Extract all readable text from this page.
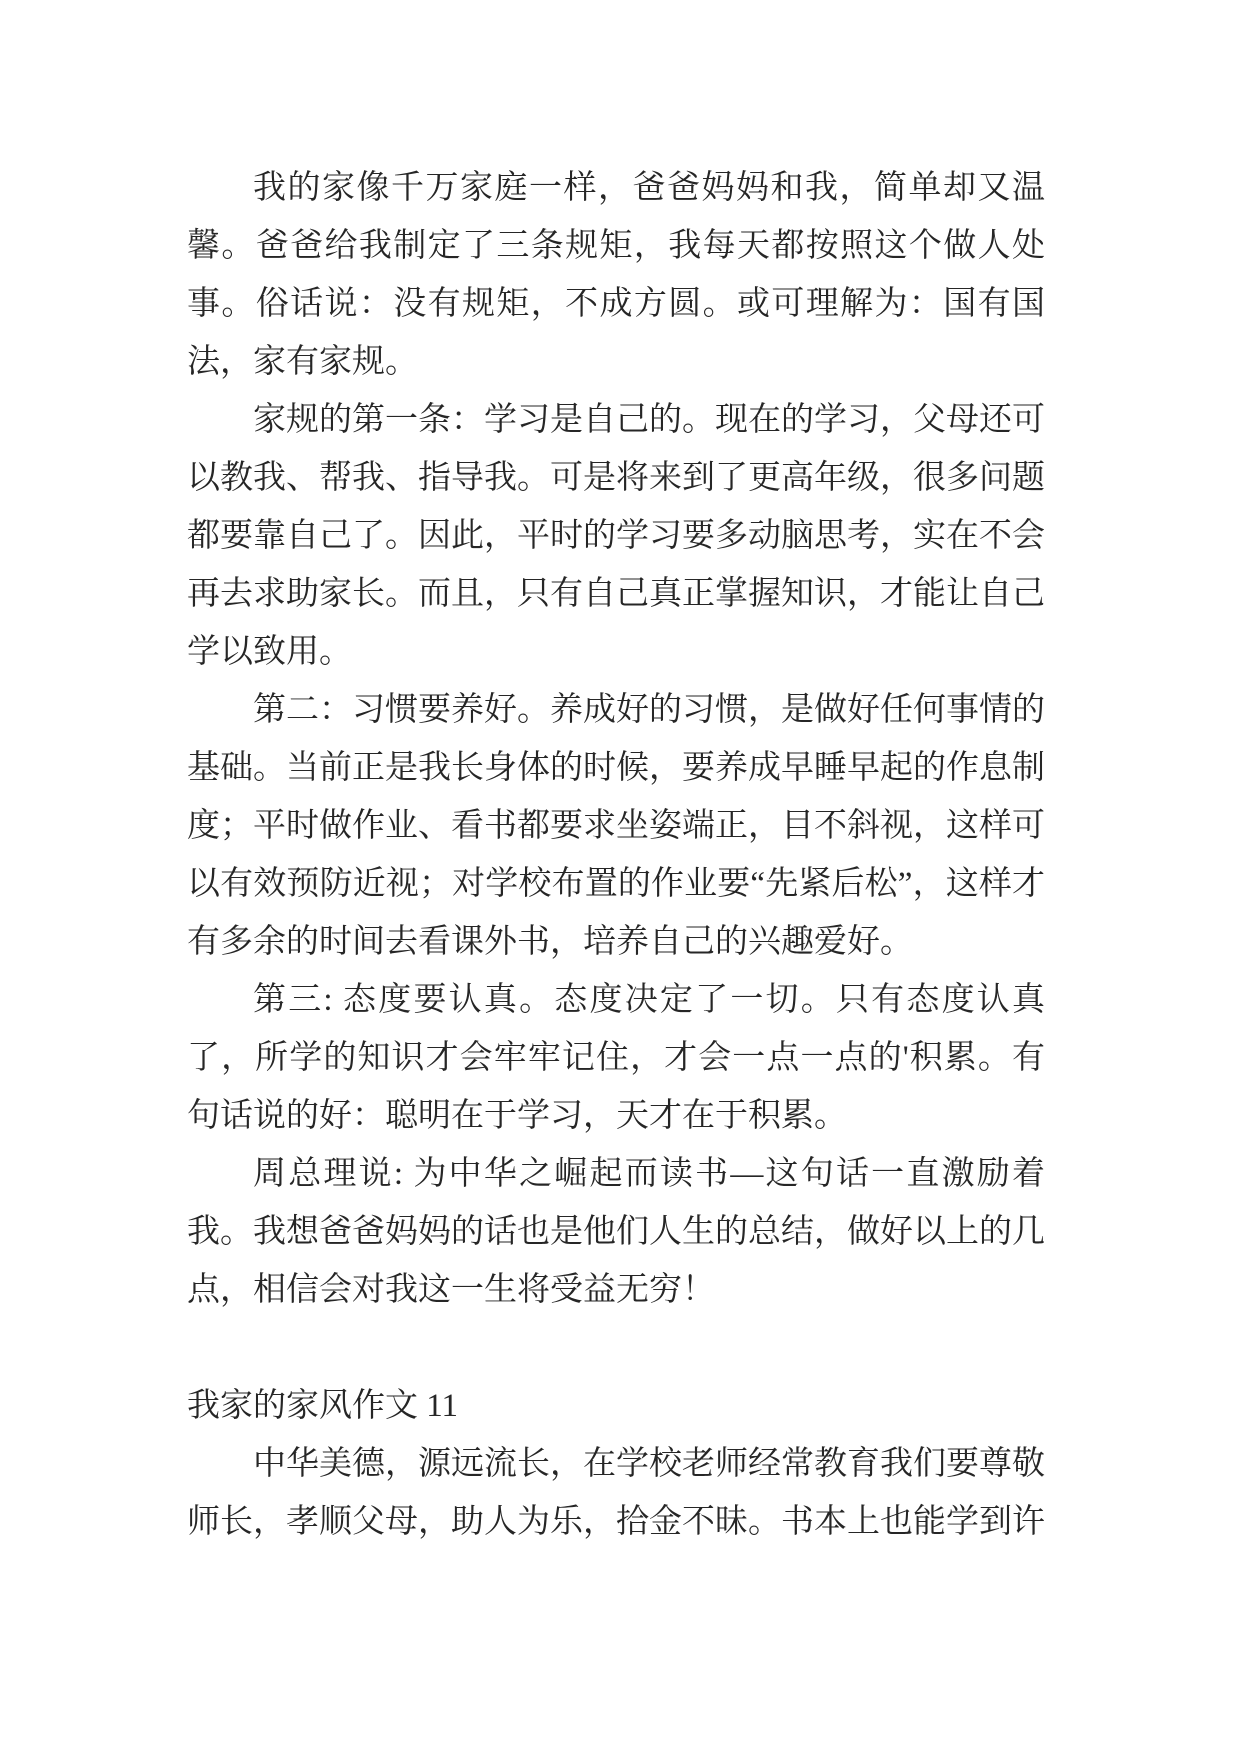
我的家像千万家庭一样，爸爸妈妈和我，简单却又温馨。爸爸给我制定了三条规矩，我每天都按照这个做人处事。俗话说：没有规矩，不成方圆。或可理解为：国有国法，家有家规。

家规的第一条：学习是自己的。现在的学习，父母还可以教我、帮我、指导我。可是将来到了更高年级，很多问题都要靠自己了。因此，平时的学习要多动脑思考，实在不会再去求助家长。而且，只有自己真正掌握知识，才能让自己学以致用。

第二：习惯要养好。养成好的习惯，是做好任何事情的基础。当前正是我长身体的时候，要养成早睡早起的作息制度；平时做作业、看书都要求坐姿端正，目不斜视，这样可以有效预防近视；对学校布置的作业要“先紧后松”，这样才有多余的时间去看课外书，培养自己的兴趣爱好。

第三: 态度要认真。态度决定了一切。只有态度认真了，所学的知识才会牢牢记住，才会一点一点的'积累。有句话说的好：聪明在于学习，天才在于积累。

周总理说: 为中华之崛起而读书—这句话一直激励着我。我想爸爸妈妈的话也是他们人生的总结，做好以上的几点，相信会对我这一生将受益无穷！

我家的家风作文 11

中华美德，源远流长，在学校老师经常教育我们要尊敬师长，孝顺父母，助人为乐，拾金不昧。书本上也能学到许
